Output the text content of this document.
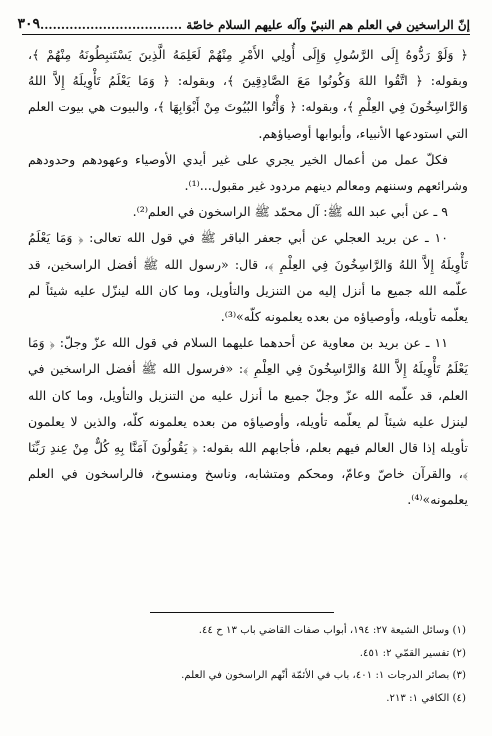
إنّ الراسخين في العلم هم النبيّ وآله عليهم السلام خاصّة ..................................
٣٠٩

﴿ وَلَوْ رَدُّوهُ إِلَى الرَّسُولِ وَإِلَى أُولِي الأَمْرِ مِنْهُمْ لَعَلِمَهُ الَّذِينَ يَسْتَنبِطُونَهُ مِنْهُمْ ﴾، وبقوله: ﴿ اتَّقُوا اللهَ وَكُونُوا مَعَ الصَّادِقِينَ ﴾، وبقوله: ﴿ وَمَا يَعْلَمُ تَأْوِيلَهُ إِلاَّ اللهُ وَالرَّاسِخُونَ فِي العِلْمِ ﴾، وبقوله: ﴿ وَأْتُوا البُيُوتَ مِنْ أَبْوَابِهَا ﴾، والبيوت هي بيوت العلم التي استودعها الأنبياء، وأبوابها أوصياؤهم.

فكلّ عمل من أعمال الخير يجري على غير أيدي الأوصياء وعهودهم وحدودهم وشرائعهم وسننهم ومعالم دينهم مردود غير مقبول...⁽¹⁾.

٩ ـ عن أبي عبد الله ﷺ: آل محمّد ﷺ الراسخون في العلم⁽²⁾.

١٠ ـ عن بريد العجلي عن أبي جعفر الباقر ﷺ في قول الله تعالى: ﴿ وَمَا يَعْلَمُ تَأْوِيلَهُ إِلاَّ اللهُ وَالرَّاسِخُونَ فِي العِلْمِ ﴾، قال: «رسول الله ﷺ أفضل الراسخين، قد علّمه الله جميع ما أنزل إليه من التنزيل والتأويل، وما كان الله لينزّل عليه شيئاً لم يعلّمه تأويله، وأوصياؤه من بعده يعلمونه كلّه»⁽³⁾.

١١ ـ عن بريد بن معاوية عن أحدهما عليهما السلام في قول الله عزّ وجلّ: ﴿ وَمَا يَعْلَمُ تَأْوِيلَهُ إِلاَّ اللهُ وَالرَّاسِخُونَ فِي العِلْمِ ﴾: «فرسول الله ﷺ أفضل الراسخين في العلم، قد علّمه الله عزّ وجلّ جميع ما أنزل عليه من التنزيل والتأويل، وما كان الله لينزل عليه شيئاً لم يعلّمه تأويله، وأوصياؤه من بعده يعلمونه كلّه، والذين لا يعلمون تأويله إذا قال العالم فيهم بعلم، فأجابهم الله بقوله: ﴿ يَقُولُونَ آمَنَّا بِهِ كُلٌّ مِنْ عِندِ رَبِّنَا ﴾، والقرآن خاصّ وعامّ، ومحكم ومتشابه، وناسخ ومنسوخ، فالراسخون في العلم يعلمونه»⁽⁴⁾.

(١) وسائل الشيعة ٢٧: ١٩٤، أبواب صفات القاضي باب ١٣ ح ٤٤.
(٢) تفسير القمّي ٢: ٤٥١.
(٣) بصائر الدرجات ١: ٤٠١، باب في الأئمّة أنّهم الراسخون في العلم.
(٤) الكافي ١: ٢١٣.
